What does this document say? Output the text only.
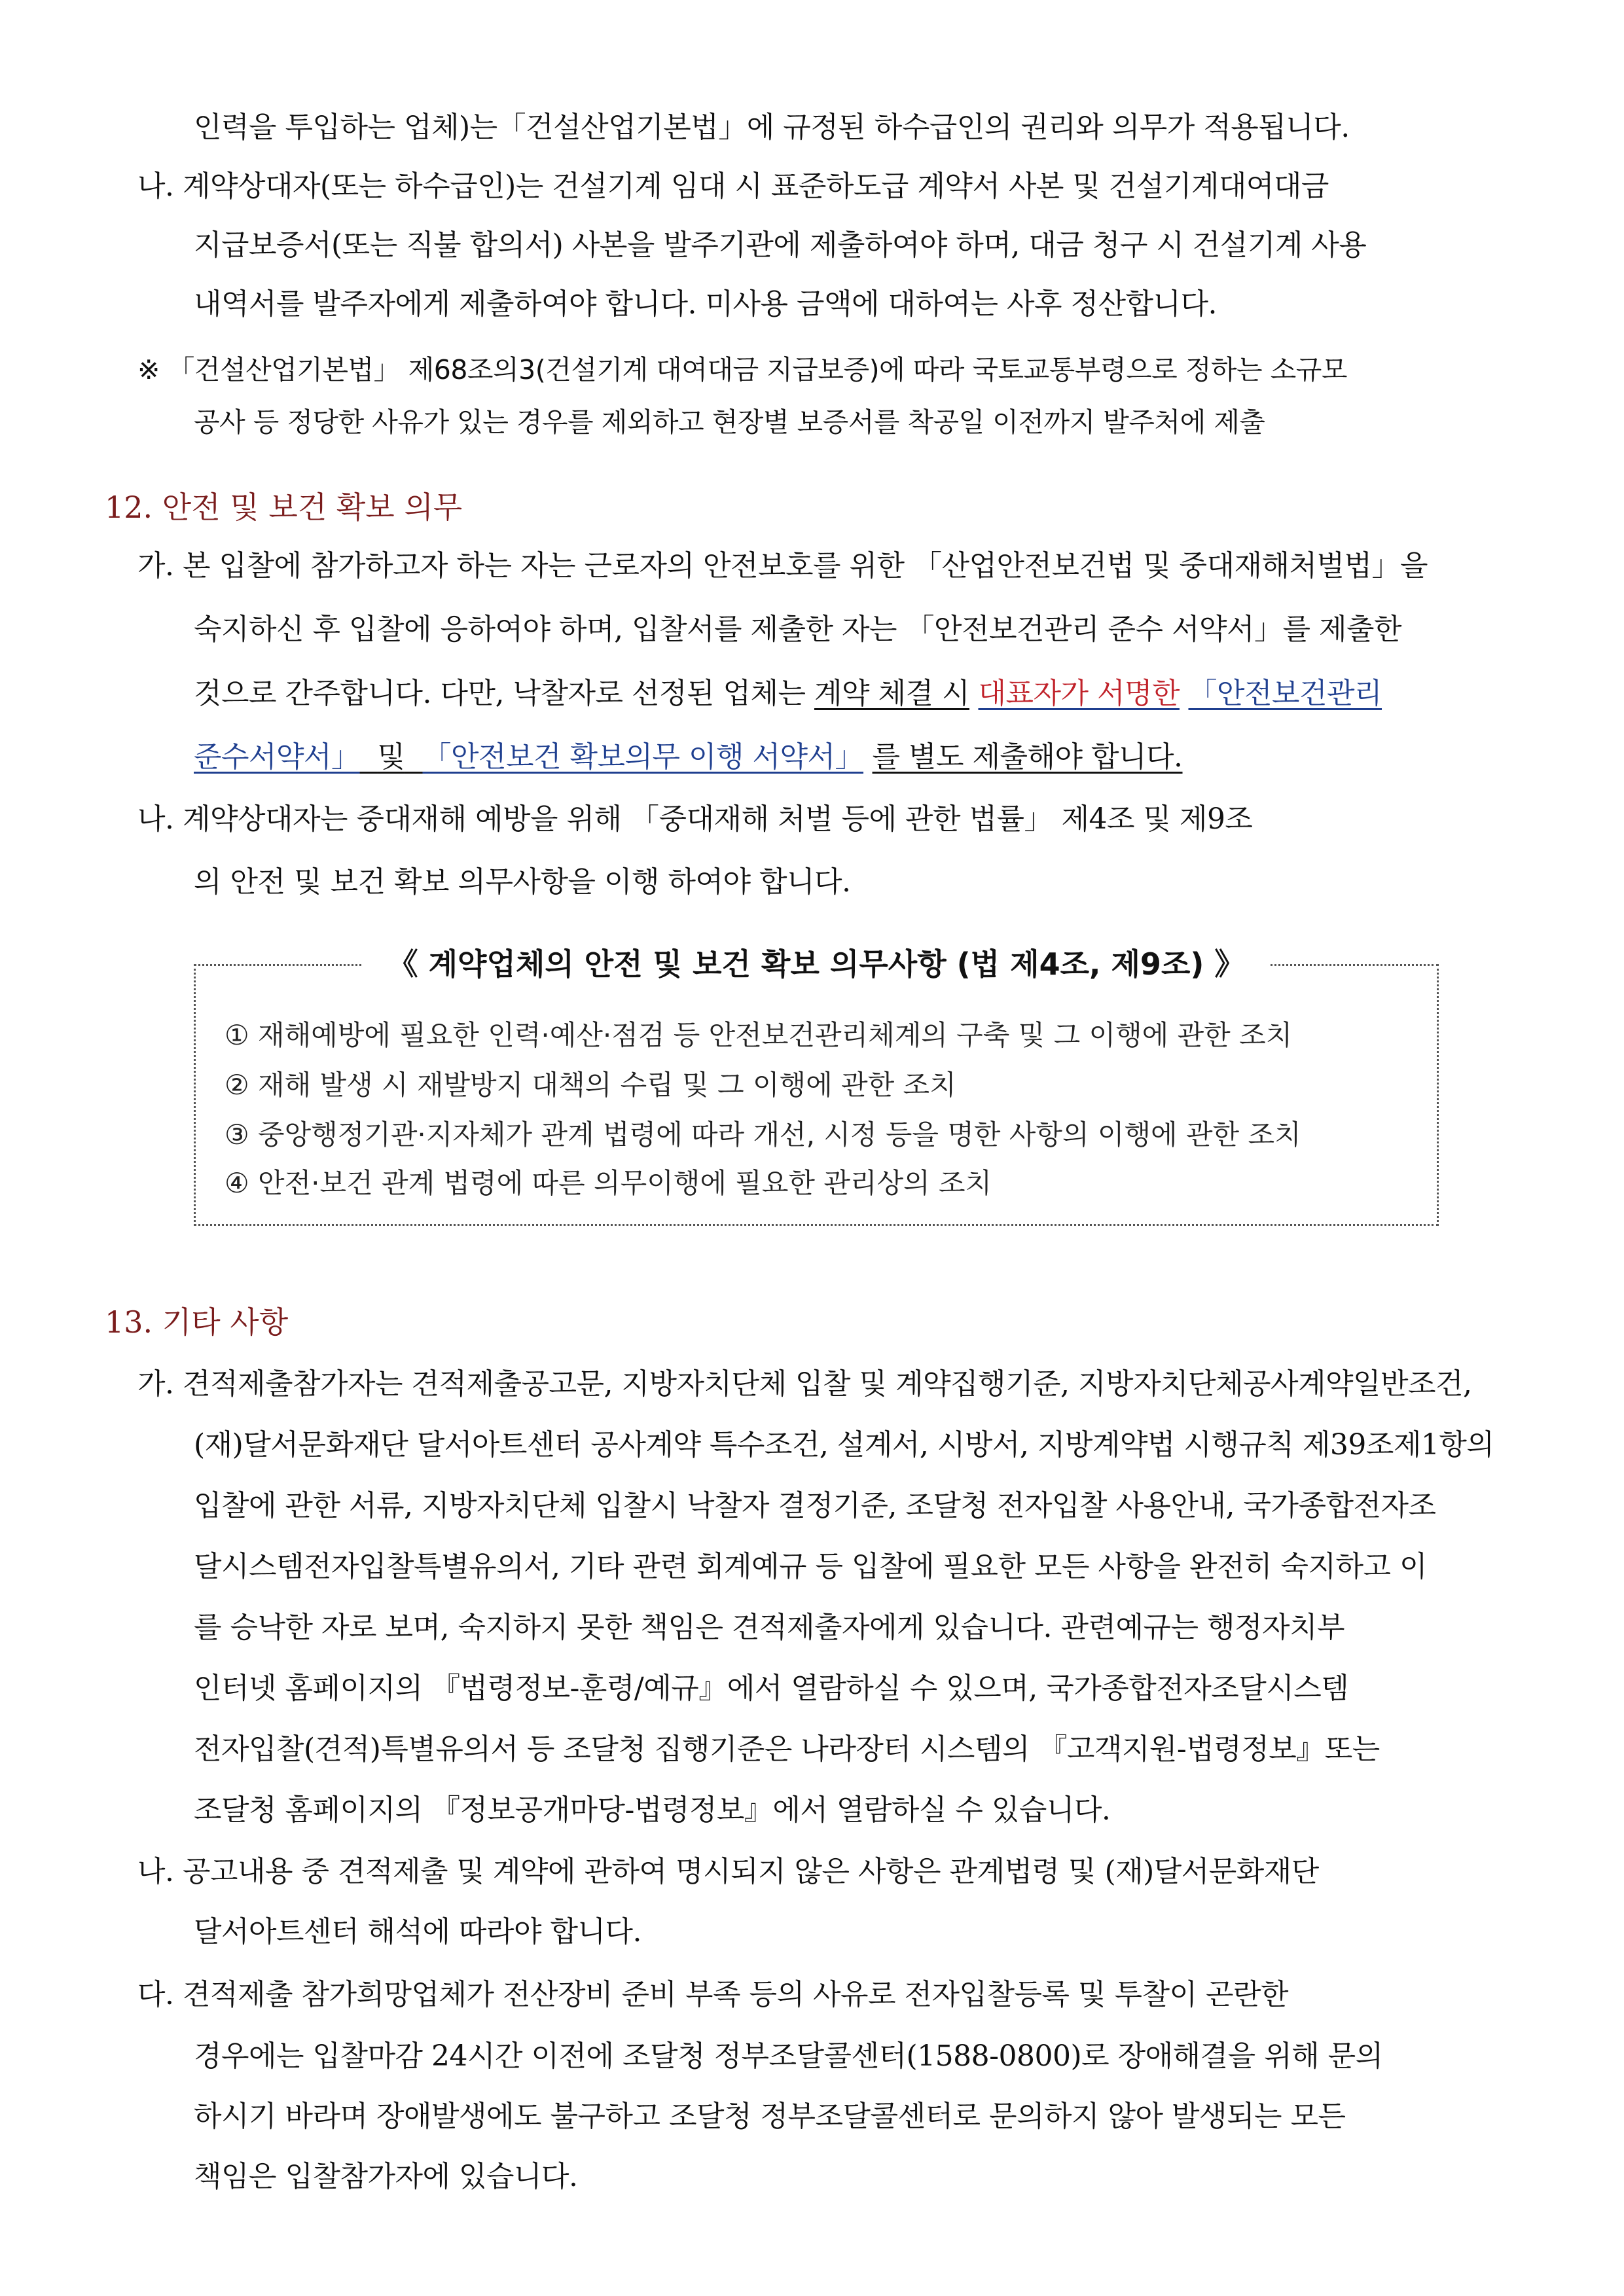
인력을 투입하는 업체)는「건설산업기본법」에 규정된 하수급인의 권리와 의무가 적용됩니다.
나. 계약상대자(또는 하수급인)는 건설기계 임대 시 표준하도급 계약서 사본 및 건설기계대여대금
지급보증서(또는 직불 합의서) 사본을 발주기관에 제출하여야 하며, 대금 청구 시 건설기계 사용
내역서를 발주자에게 제출하여야 합니다. 미사용 금액에 대하여는 사후 정산합니다.
※ 「건설산업기본법」 제68조의3(건설기계 대여대금 지급보증)에 따라 국토교통부령으로 정하는 소규모
공사 등 정당한 사유가 있는 경우를 제외하고 현장별 보증서를 착공일 이전까지 발주처에 제출
12. 안전 및 보건 확보 의무
가. 본 입찰에 참가하고자 하는 자는 근로자의 안전보호를 위한 「산업안전보건법 및 중대재해처벌법」을
숙지하신 후 입찰에 응하여야 하며, 입찰서를 제출한 자는 「안전보건관리 준수 서약서」를 제출한
것으로 간주합니다. 다만, 낙찰자로 선정된 업체는 계약 체결 시 대표자가 서명한 「안전보건관리
준수서약서」 및 「안전보건 확보의무 이행 서약서」 를 별도 제출해야 합니다.
나. 계약상대자는 중대재해 예방을 위해 「중대재해 처벌 등에 관한 법률」 제4조 및 제9조
의 안전 및 보건 확보 의무사항을 이행 하여야 합니다.
《 계약업체의 안전 및 보건 확보 의무사항 (법 제4조, 제9조) 》
① 재해예방에 필요한 인력·예산·점검 등 안전보건관리체계의 구축 및 그 이행에 관한 조치
② 재해 발생 시 재발방지 대책의 수립 및 그 이행에 관한 조치
③ 중앙행정기관·지자체가 관계 법령에 따라 개선, 시정 등을 명한 사항의 이행에 관한 조치
④ 안전·보건 관계 법령에 따른 의무이행에 필요한 관리상의 조치
13. 기타 사항
가. 견적제출참가자는 견적제출공고문, 지방자치단체 입찰 및 계약집행기준, 지방자치단체공사계약일반조건,
(재)달서문화재단 달서아트센터 공사계약 특수조건, 설계서, 시방서, 지방계약법 시행규칙 제39조제1항의
입찰에 관한 서류, 지방자치단체 입찰시 낙찰자 결정기준, 조달청 전자입찰 사용안내, 국가종합전자조
달시스템전자입찰특별유의서, 기타 관련 회계예규 등 입찰에 필요한 모든 사항을 완전히 숙지하고 이
를 승낙한 자로 보며, 숙지하지 못한 책임은 견적제출자에게 있습니다. 관련예규는 행정자치부
인터넷 홈페이지의 『법령정보-훈령/예규』에서 열람하실 수 있으며, 국가종합전자조달시스템
전자입찰(견적)특별유의서 등 조달청 집행기준은 나라장터 시스템의 『고객지원-법령정보』또는
조달청 홈페이지의 『정보공개마당-법령정보』에서 열람하실 수 있습니다.
나. 공고내용 중 견적제출 및 계약에 관하여 명시되지 않은 사항은 관계법령 및 (재)달서문화재단
달서아트센터 해석에 따라야 합니다.
다. 견적제출 참가희망업체가 전산장비 준비 부족 등의 사유로 전자입찰등록 및 투찰이 곤란한
경우에는 입찰마감 24시간 이전에 조달청 정부조달콜센터(1588-0800)로 장애해결을 위해 문의
하시기 바라며 장애발생에도 불구하고 조달청 정부조달콜센터로 문의하지 않아 발생되는 모든
책임은 입찰참가자에 있습니다.
